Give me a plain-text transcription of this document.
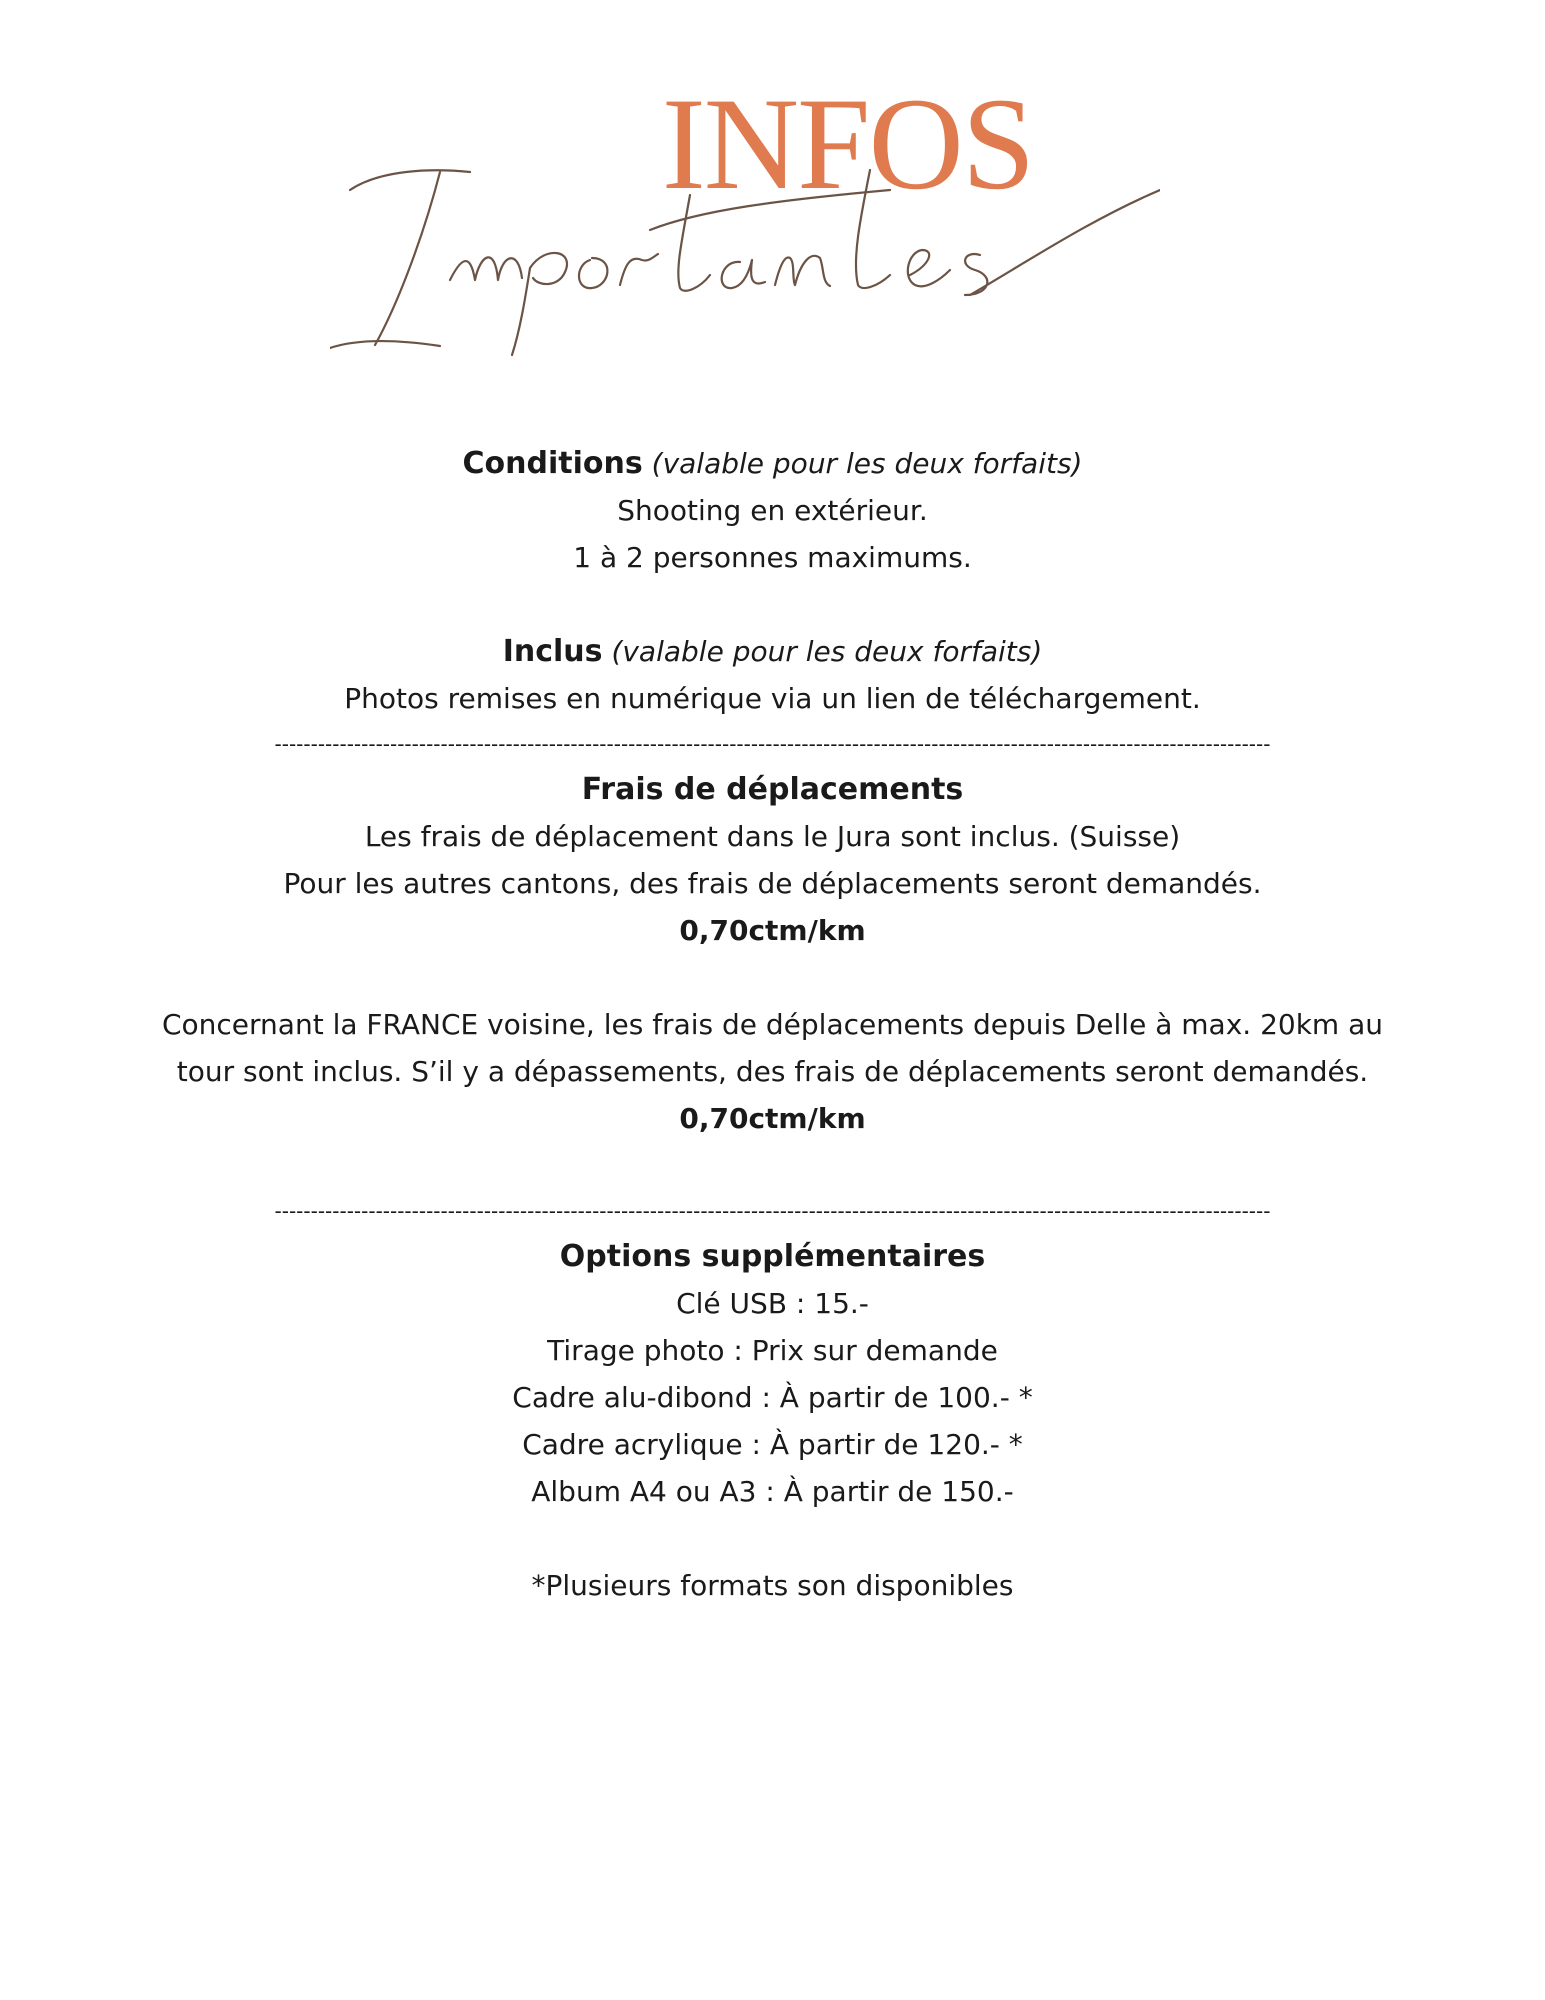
INFOS

Conditions (valable pour les deux forfaits)

Shooting en extérieur.

1 à 2 personnes maximums.

Inclus (valable pour les deux forfaits)

Photos remises en numérique via un lien de téléchargement.

------------------------------------------------------------------------------------------------------------------------------------------

Frais de déplacements

Les frais de déplacement dans le Jura sont inclus. (Suisse)

Pour les autres cantons, des frais de déplacements seront demandés.

0,70ctm/km

Concernant la FRANCE voisine, les frais de déplacements depuis Delle à max. 20km au

tour sont inclus. S’il y a dépassements, des frais de déplacements seront demandés.

0,70ctm/km

------------------------------------------------------------------------------------------------------------------------------------------

Options supplémentaires

Clé USB : 15.-

Tirage photo : Prix sur demande

Cadre alu-dibond : À partir de 100.- *

Cadre acrylique : À partir de 120.- *

Album A4 ou A3 : À partir de 150.-

*Plusieurs formats son disponibles
